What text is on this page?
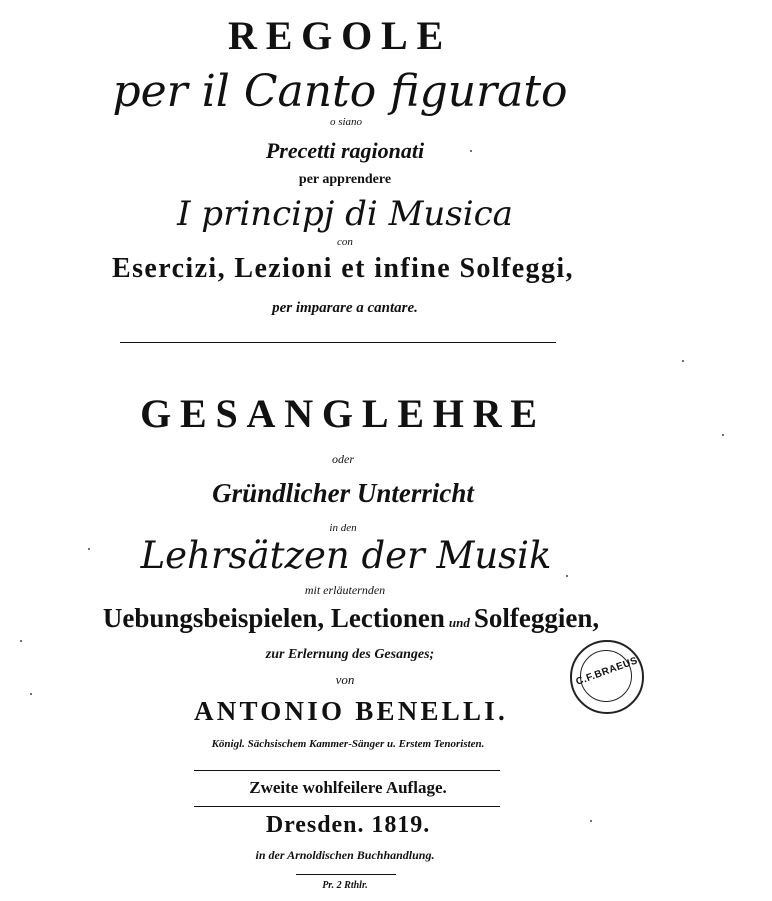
REGOLE
per il Canto figurato
o siano
Precetti ragionati
per apprendere
I principj di Musica
con
Esercizi, Lezioni et infine Solfeggi,
per imparare a cantare.
GESANGLEHRE
oder
Gründlicher Unterricht
in den
Lehrsätzen der Musik
mit erläuternden
Uebungsbeispielen, Lectionen und Solfeggien,
zur Erlernung des Gesanges;
von
ANTONIO BENELLI.
Königl. Sächsischem Kammer-Sänger u. Erstem Tenoristen.
Zweite wohlfeilere Auflage.
Dresden. 1819.
in der Arnoldischen Buchhandlung.
Pr. 2 Rthlr.
C.F.BRAEUS
